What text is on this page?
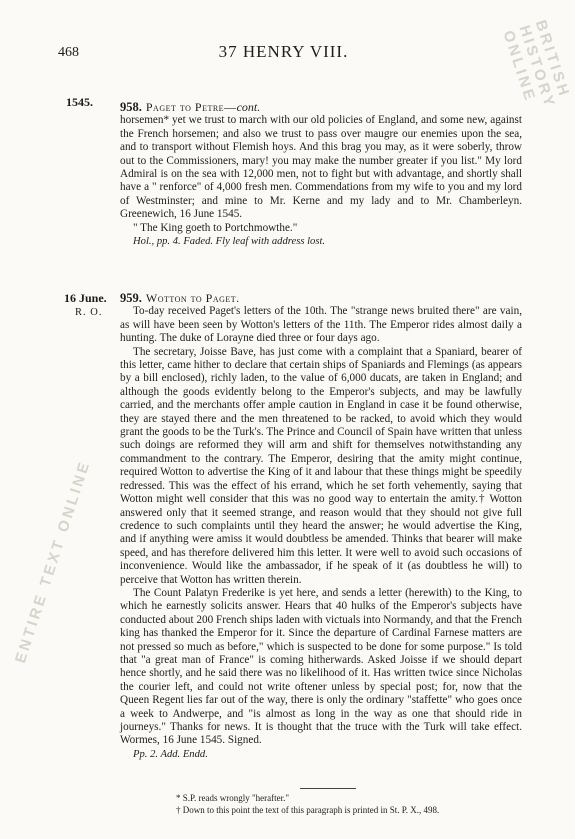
468	37 HENRY VIII.
1545.
16 June.
R. O.
958. Paget to Petre—cont.

horsemen* yet we trust to march with our old policies of England, and some new, against the French horsemen; and also we trust to pass over maugre our enemies upon the sea, and to transport without Flemish hoys. And this brag you may, as it were soberly, throw out to the Commissioners, mary! you may make the number greater if you list." My lord Admiral is on the sea with 12,000 men, not to fight but with advantage, and shortly shall have a " renforce" of 4,000 fresh men. Commendations from my wife to you and my lord of Westminster; and mine to Mr. Kerne and my lady and to Mr. Chamberleyn. Greenewich, 16 June 1545.

" The King goeth to Portchmowthe."

Hol., pp. 4. Faded. Fly leaf with address lost.

959. Wotton to Paget.

To-day received Paget's letters of the 10th. The "strange news bruited there" are vain, as will have been seen by Wotton's letters of the 11th. The Emperor rides almost daily a hunting. The duke of Lorayne died three or four days ago.

The secretary, Joisse Bave, has just come with a complaint that a Spaniard, bearer of this letter, came hither to declare that certain ships of Spaniards and Flemings (as appears by a bill enclosed), richly laden, to the value of 6,000 ducats, are taken in England; and although the goods evidently belong to the Emperor's subjects, and may be lawfully carried, and the merchants offer ample caution in England in case it be found otherwise, they are stayed there and the men threatened to be racked, to avoid which they would grant the goods to be the Turk's. The Prince and Council of Spain have written that unless such doings are reformed they will arm and shift for themselves notwithstanding any commandment to the contrary. The Emperor, desiring that the amity might continue, required Wotton to advertise the King of it and labour that these things might be speedily redressed. This was the effect of his errand, which he set forth vehemently, saying that Wotton might well consider that this was no good way to entertain the amity.† Wotton answered only that it seemed strange, and reason would that they should not give full credence to such complaints until they heard the answer; he would advertise the King, and if anything were amiss it would doubtless be amended. Thinks that bearer will make speed, and has therefore delivered him this letter. It were well to avoid such occasions of inconvenience. Would like the ambassador, if he speak of it (as doubtless he will) to perceive that Wotton has written therein.

The Count Palatyn Frederike is yet here, and sends a letter (herewith) to the King, to which he earnestly solicits answer. Hears that 40 hulks of the Emperor's subjects have conducted about 200 French ships laden with victuals into Normandy, and that the French king has thanked the Emperor for it. Since the departure of Cardinal Farnese matters are not pressed so much as before," which is suspected to be done for some purpose." Is told that "a great man of France" is coming hitherwards. Asked Joisse if we should depart hence shortly, and he said there was no likelihood of it. Has written twice since Nicholas the courier left, and could not write oftener unless by special post; for, now that the Queen Regent lies far out of the way, there is only the ordinary "staffette" who goes once a week to Andwerpe, and "is almost as long in the way as one that should ride in journeys." Thanks for news. It is thought that the truce with the Turk will take effect. Wormes, 16 June 1545. Signed.

Pp. 2. Add. Endd.

* S.P. reads wrongly "herafter."
† Down to this point the text of this paragraph is printed in St. P. X., 498.
ENTIRE TEXT ONLINE
BRITISH HISTORY ONLINE
